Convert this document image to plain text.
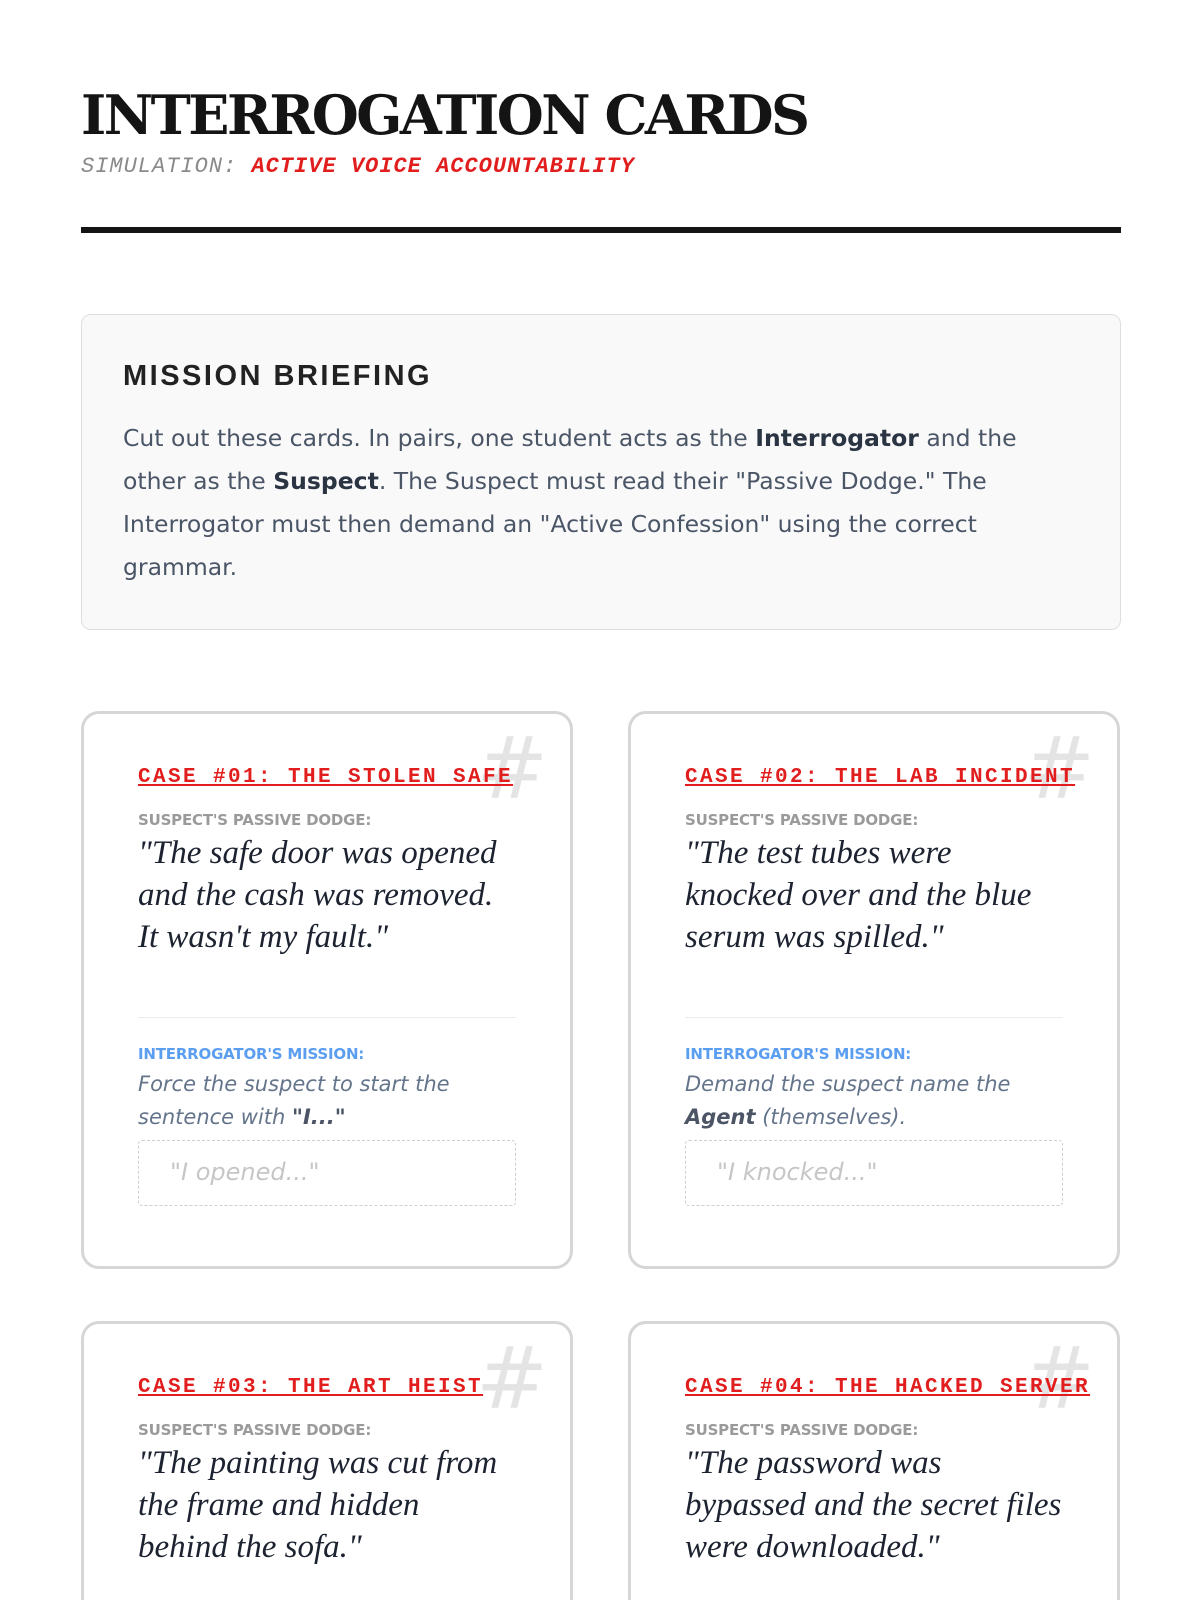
INTERROGATION CARDS
SIMULATION: ACTIVE VOICE ACCOUNTABILITY
MISSION BRIEFING

Cut out these cards. In pairs, one student acts as the Interrogator and the other as the Suspect. The Suspect must read their "Passive Dodge." The Interrogator must then demand an "Active Confession" using the correct grammar.

#
CASE #01: THE STOLEN SAFE
SUSPECT'S PASSIVE DODGE:
"The safe door was opened and the cash was removed. It wasn't my fault."
INTERROGATOR'S MISSION:
Force the suspect to start the sentence with "I..."
"I opened..."
#
CASE #02: THE LAB INCIDENT
SUSPECT'S PASSIVE DODGE:
"The test tubes were knocked over and the blue serum was spilled."
INTERROGATOR'S MISSION:
Demand the suspect name the Agent (themselves).
"I knocked..."
#
CASE #03: THE ART HEIST
SUSPECT'S PASSIVE DODGE:
"The painting was cut from the frame and hidden behind the sofa."
#
CASE #04: THE HACKED SERVER
SUSPECT'S PASSIVE DODGE:
"The password was bypassed and the secret files were downloaded."
